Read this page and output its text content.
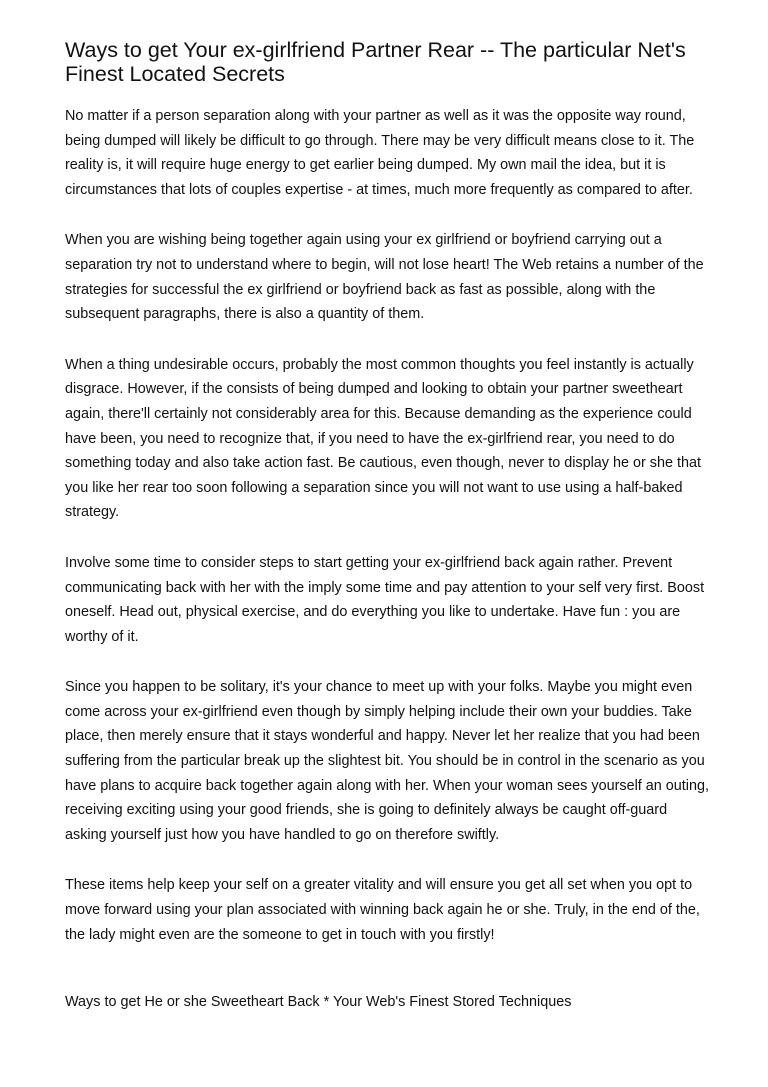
Ways to get Your ex-girlfriend Partner Rear -- The particular Net's Finest Located Secrets

No matter if a person separation along with your partner as well as it was the opposite way round, being dumped will likely be difficult to go through. There may be very difficult means close to it. The reality is, it will require huge energy to get earlier being dumped. My own mail the idea, but it is circumstances that lots of couples expertise - at times, much more frequently as compared to after.

When you are wishing being together again using your ex girlfriend or boyfriend carrying out a separation try not to understand where to begin, will not lose heart! The Web retains a number of the strategies for successful the ex girlfriend or boyfriend back as fast as possible, along with the subsequent paragraphs, there is also a quantity of them.

When a thing undesirable occurs, probably the most common thoughts you feel instantly is actually disgrace. However, if the consists of being dumped and looking to obtain your partner sweetheart again, there'll certainly not considerably area for this. Because demanding as the experience could have been, you need to recognize that, if you need to have the ex-girlfriend rear, you need to do something today and also take action fast. Be cautious, even though, never to display he or she that you like her rear too soon following a separation since you will not want to use using a half-baked strategy.

Involve some time to consider steps to start getting your ex-girlfriend back again rather. Prevent communicating back with her with the imply some time and pay attention to your self very first. Boost oneself. Head out, physical exercise, and do everything you like to undertake. Have fun : you are worthy of it.

Since you happen to be solitary, it's your chance to meet up with your folks. Maybe you might even come across your ex-girlfriend even though by simply helping include their own your buddies. Take place, then merely ensure that it stays wonderful and happy. Never let her realize that you had been suffering from the particular break up the slightest bit. You should be in control in the scenario as you have plans to acquire back together again along with her. When your woman sees yourself an outing, receiving exciting using your good friends, she is going to definitely always be caught off-guard asking yourself just how you have handled to go on therefore swiftly.

These items help keep your self on a greater vitality and will ensure you get all set when you opt to move forward using your plan associated with winning back again he or she. Truly, in the end of the, the lady might even are the someone to get in touch with you firstly!

Ways to get He or she Sweetheart Back * Your Web's Finest Stored Techniques
